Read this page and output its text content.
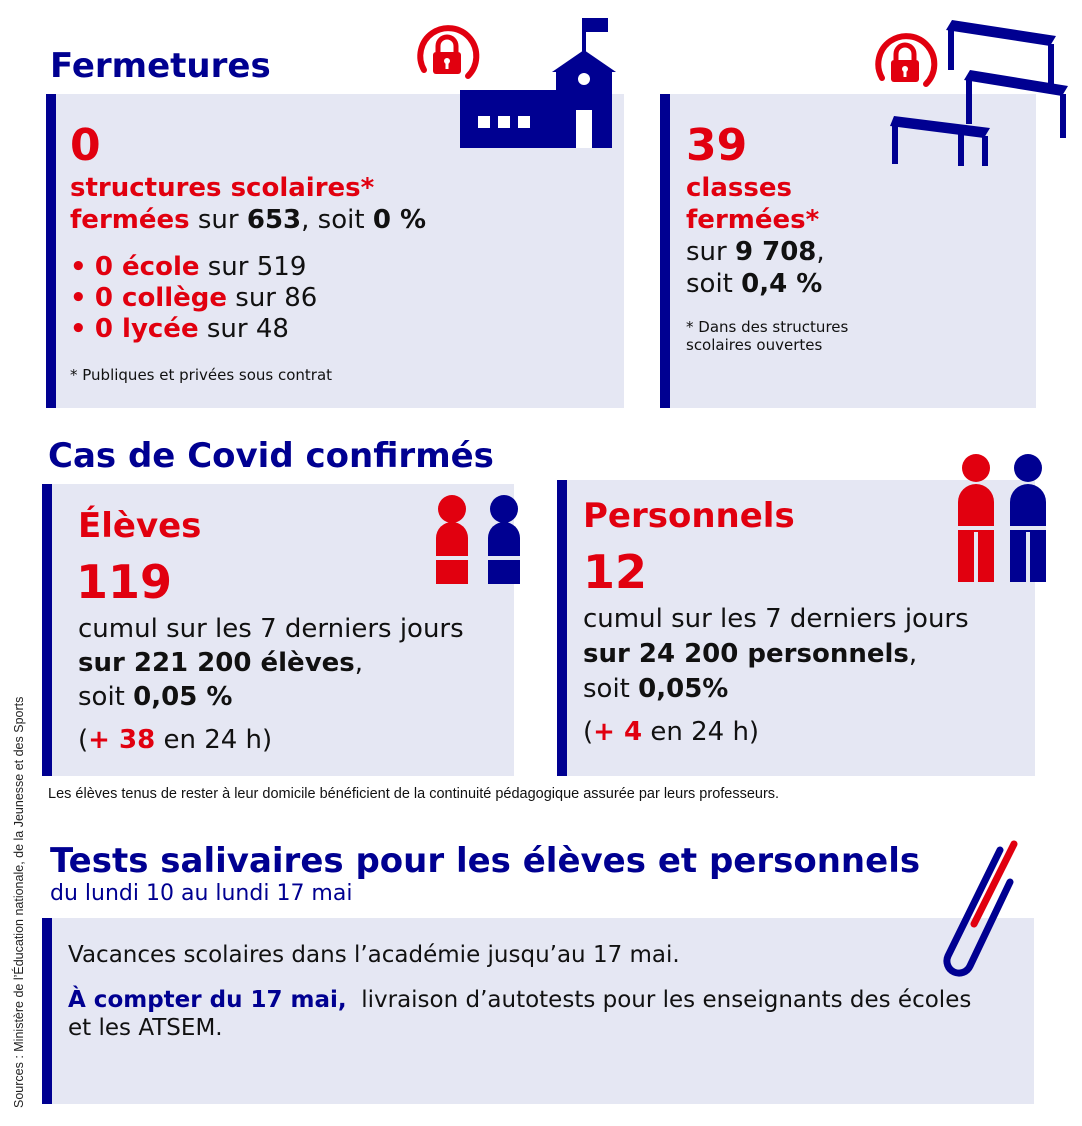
Fermetures
0
structures scolaires*
fermées sur 653, soit 0 %
• 0 école sur 519
• 0 collège sur 86
• 0 lycée sur 48
* Publiques et privées sous contrat
39
classes
fermées*
sur 9 708,
soit 0,4 %
* Dans des structures
scolaires ouvertes
Cas de Covid confirmés
Élèves
119
cumul sur les 7 derniers jours
sur 221 200 élèves,
soit 0,05 %
(+ 38 en 24 h)
Personnels
12
cumul sur les 7 derniers jours
sur 24 200 personnels,
soit 0,05%
(+ 4 en 24 h)
Les élèves tenus de rester à leur domicile bénéficient de la continuité pédagogique assurée par leurs professeurs.
Tests salivaires pour les élèves et personnels
du lundi 10 au lundi 17 mai
Vacances scolaires dans l’académie jusqu’au 17 mai.
À compter du 17 mai,  livraison d’autotests pour les enseignants des écoles
et les ATSEM.
Sources : Ministère de l’Éducation nationale, de la Jeunesse et des Sports
